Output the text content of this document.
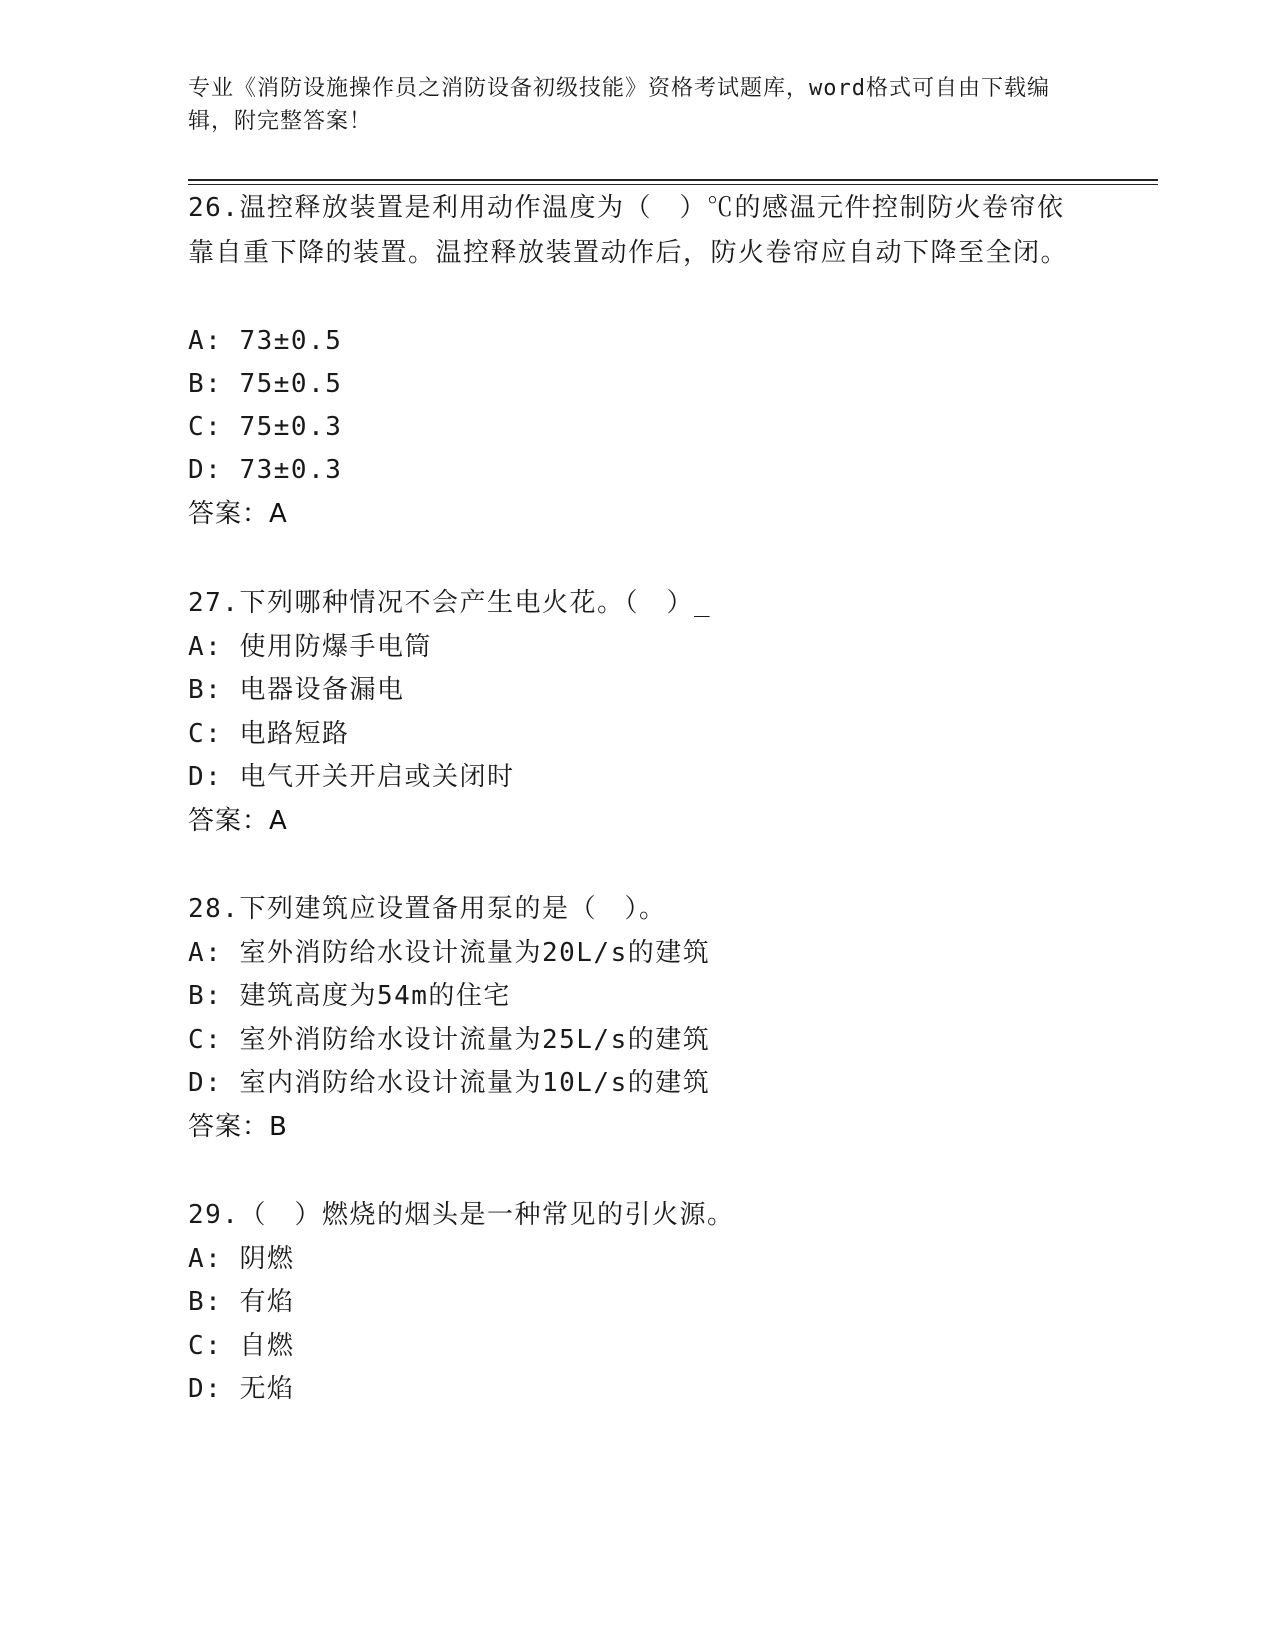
专业《消防设施操作员之消防设备初级技能》资格考试题库，word格式可自由下载编辑，附完整答案！
26.温控释放装置是利用动作温度为（　）℃的感温元件控制防火卷帘依靠自重下降的装置。温控释放装置动作后，防火卷帘应自动下降至全闭。
A: 73±0.5
B: 75±0.5
C: 75±0.3
D: 73±0.3
答案：A
27.下列哪种情况不会产生电火花。（　）_
A: 使用防爆手电筒
B: 电器设备漏电
C: 电路短路
D: 电气开关开启或关闭时
答案：A
28.下列建筑应设置备用泵的是（　）。
A: 室外消防给水设计流量为20L/s的建筑
B: 建筑高度为54m的住宅
C: 室外消防给水设计流量为25L/s的建筑
D: 室内消防给水设计流量为10L/s的建筑
答案：B
29.（　）燃烧的烟头是一种常见的引火源。
A: 阴燃
B: 有焰
C: 自燃
D: 无焰
